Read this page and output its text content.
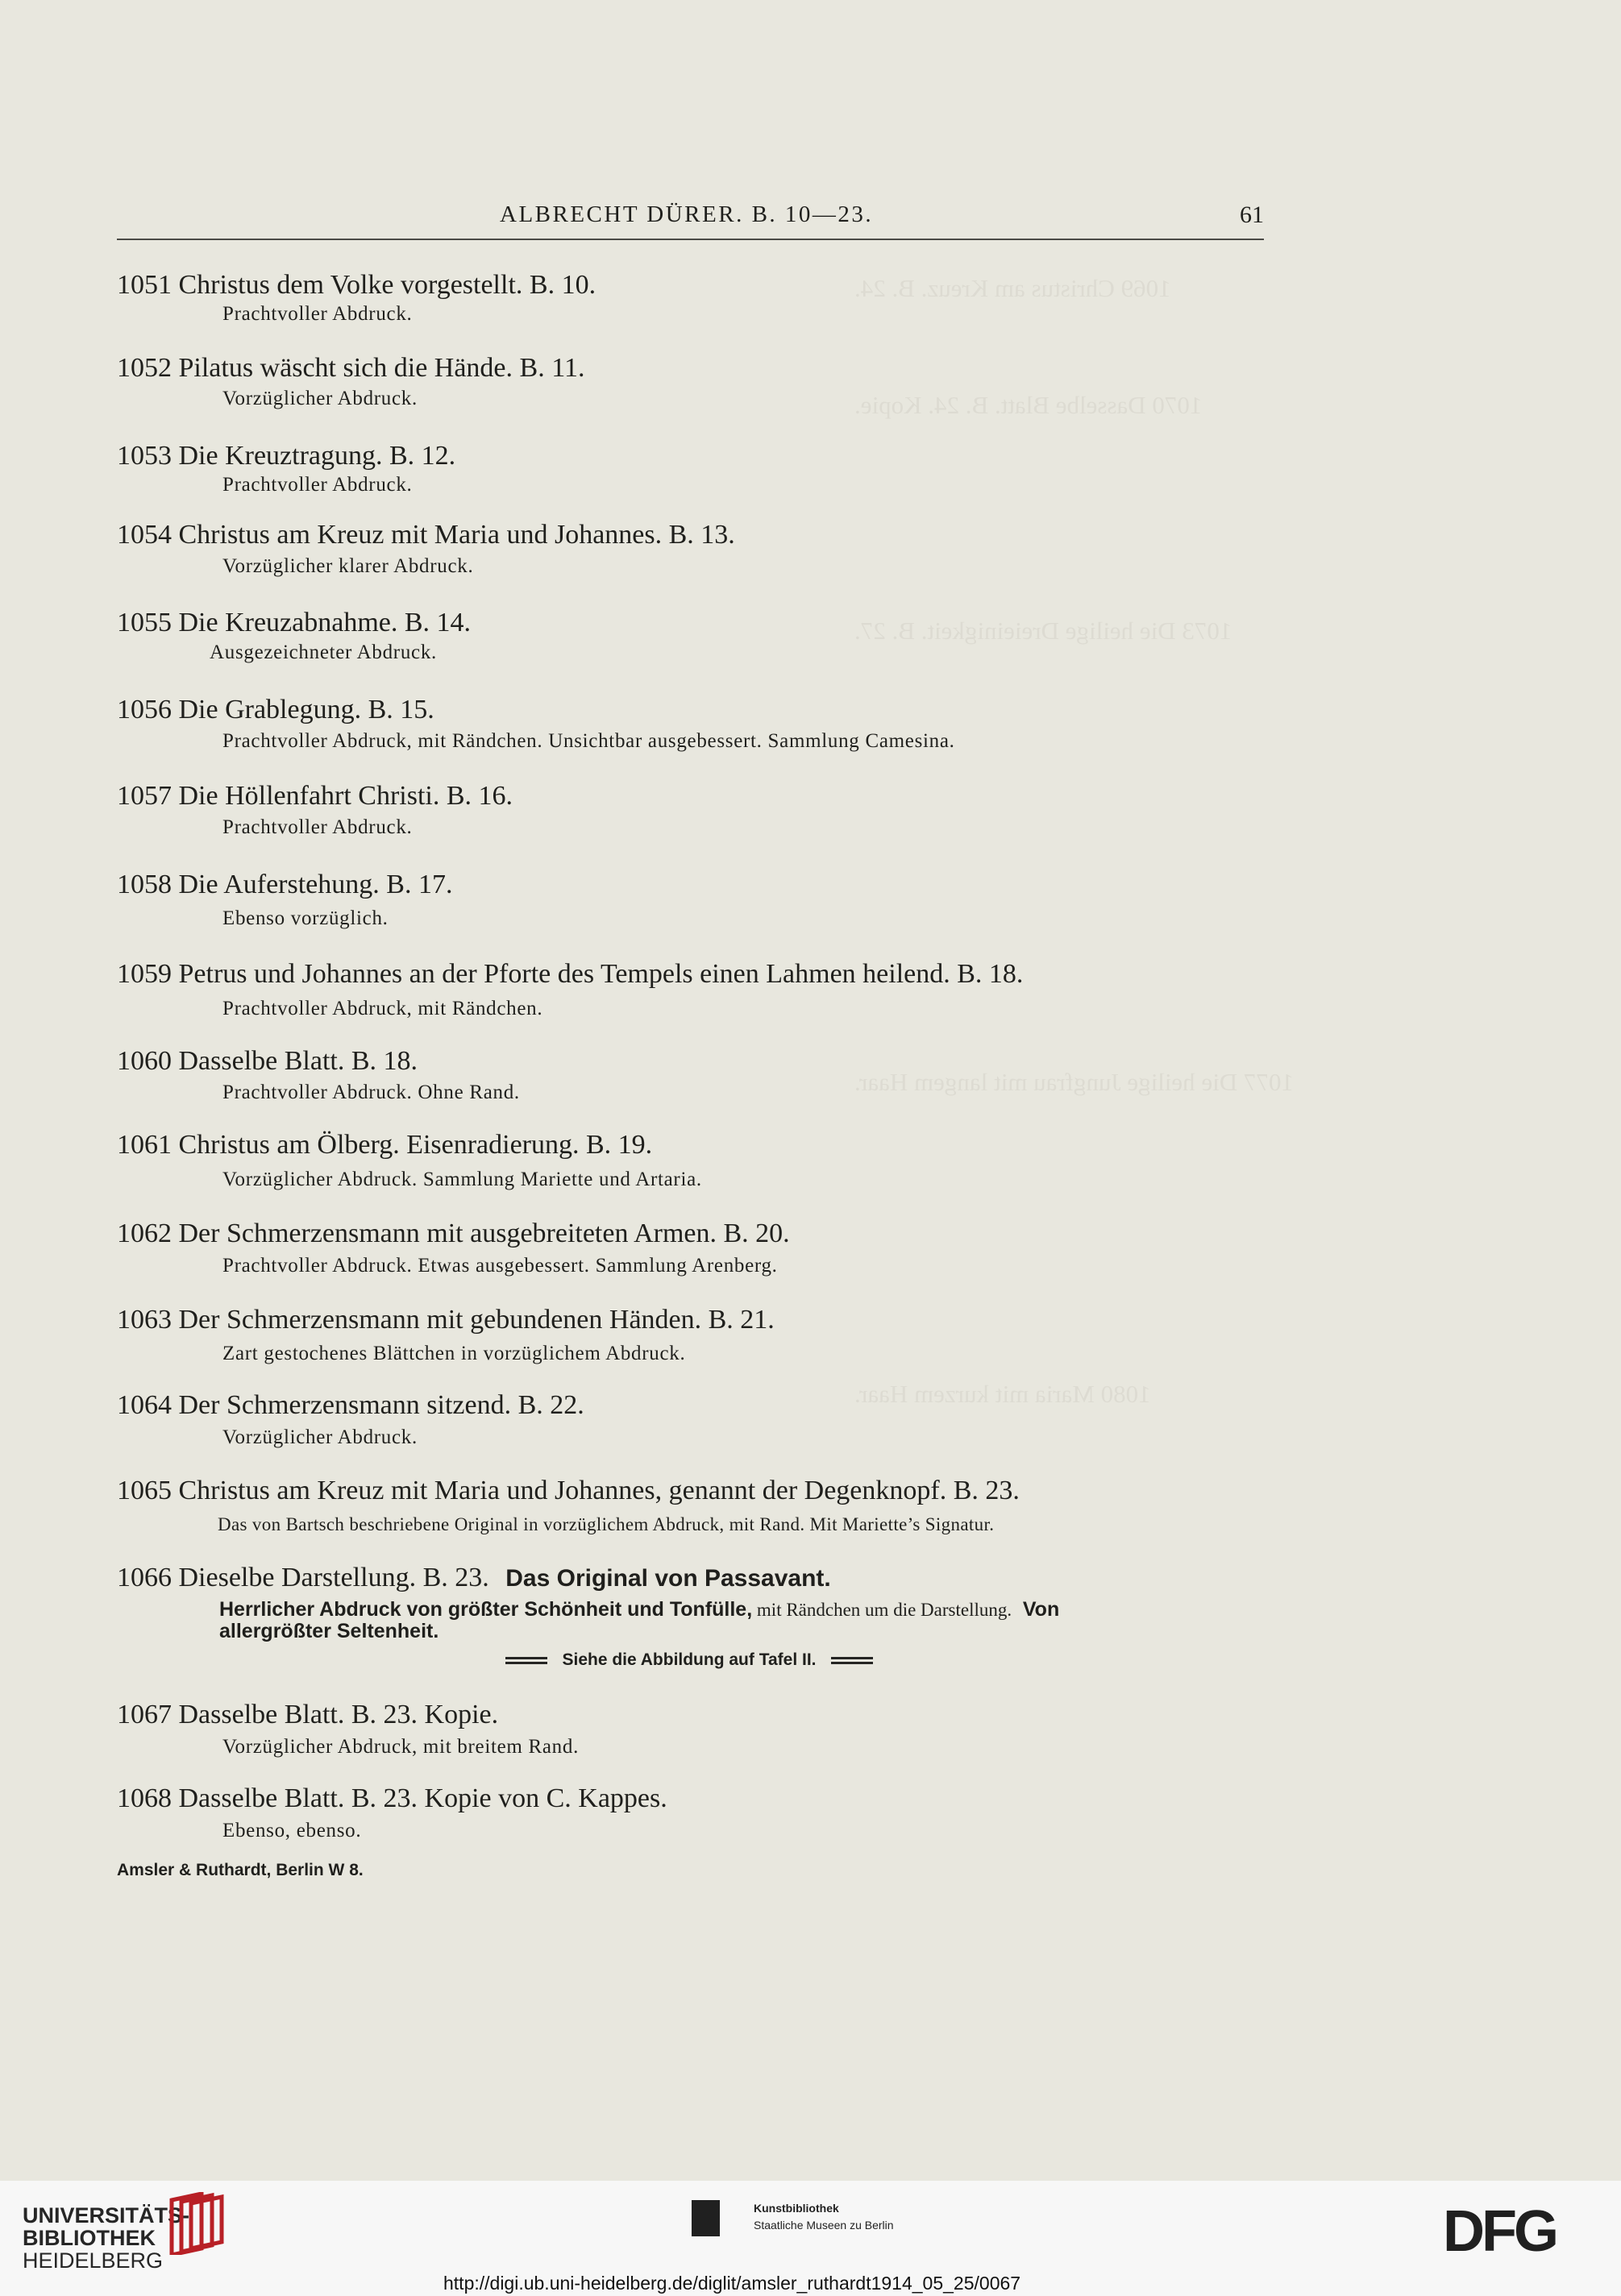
1069 Christus am Kreuz. B. 24.
1070 Dasselbe Blatt. B. 24. Kopie.
1073 Die heilige Dreieinigkeit. B. 27.
1077 Die heilige Jungfrau mit langem Haar.
1080 Maria mit kurzem Haar.
ALBRECHT DÜRER. B. 10—23.	61
1051 Christus dem Volke vorgestellt. B. 10.
Prachtvoller Abdruck.
1052 Pilatus wäscht sich die Hände. B. 11.
Vorzüglicher Abdruck.
1053 Die Kreuztragung. B. 12.
Prachtvoller Abdruck.
1054 Christus am Kreuz mit Maria und Johannes. B. 13.
Vorzüglicher klarer Abdruck.
1055 Die Kreuzabnahme. B. 14.
Ausgezeichneter Abdruck.
1056 Die Grablegung. B. 15.
Prachtvoller Abdruck, mit Rändchen. Unsichtbar ausgebessert. Sammlung Camesina.
1057 Die Höllenfahrt Christi. B. 16.
Prachtvoller Abdruck.
1058 Die Auferstehung. B. 17.
Ebenso vorzüglich.
1059 Petrus und Johannes an der Pforte des Tempels einen Lahmen heilend. B. 18.
Prachtvoller Abdruck, mit Rändchen.
1060 Dasselbe Blatt. B. 18.
Prachtvoller Abdruck. Ohne Rand.
1061 Christus am Ölberg. Eisenradierung. B. 19.
Vorzüglicher Abdruck. Sammlung Mariette und Artaria.
1062 Der Schmerzensmann mit ausgebreiteten Armen. B. 20.
Prachtvoller Abdruck. Etwas ausgebessert. Sammlung Arenberg.
1063 Der Schmerzensmann mit gebundenen Händen. B. 21.
Zart gestochenes Blättchen in vorzüglichem Abdruck.
1064 Der Schmerzensmann sitzend. B. 22.
Vorzüglicher Abdruck.
1065 Christus am Kreuz mit Maria und Johannes, genannt der Degenknopf. B. 23.
Das von Bartsch beschriebene Original in vorzüglichem Abdruck, mit Rand. Mit Mariette’s Signatur.
1066 Dieselbe Darstellung. B. 23. Das Original von Passavant.
Herrlicher Abdruck von größter Schönheit und Tonfülle, mit Rändchen um die Darstellung. Von
allergrößter Seltenheit.
Siehe die Abbildung auf Tafel II.
1067 Dasselbe Blatt. B. 23. Kopie.
Vorzüglicher Abdruck, mit breitem Rand.
1068 Dasselbe Blatt. B. 23. Kopie von C. Kappes.
Ebenso, ebenso.
Amsler & Ruthardt, Berlin W 8.
UNIVERSITÄTS-
BIBLIOTHEK
HEIDELBERG
Kunstbibliothek
Staatliche Museen zu Berlin	DFG
http://digi.ub.uni-heidelberg.de/diglit/amsler_ruthardt1914_05_25/0067
